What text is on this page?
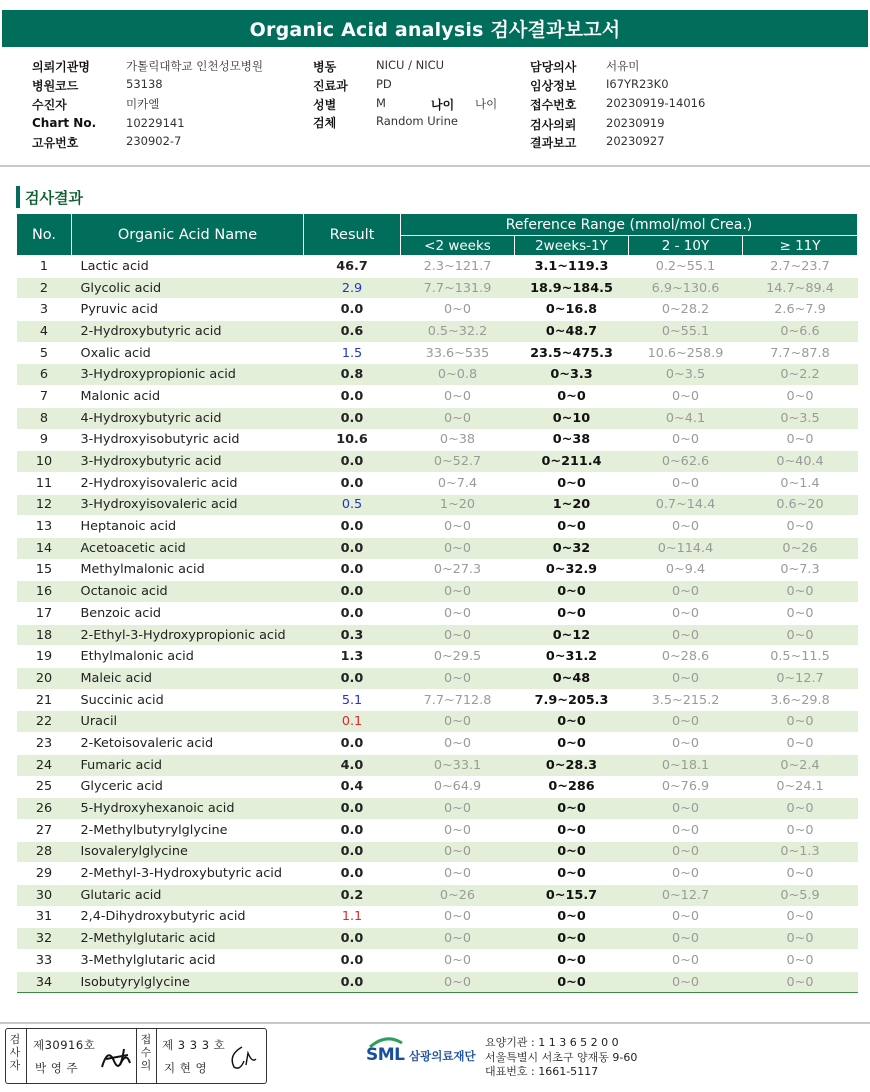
Organic Acid analysis 검사결과보고서
의뢰기관명	가톨릭대학교 인천성모병원
병원코드	53138
수진자	미카엘
Chart No.	10229141
고유번호	230902-7
병동	NICU / NICU
진료과 PD
성별	M	나이 나이
검체	Random Urine
담당의사	서유미
임상정보	I67YR23K0
접수번호	20230919-14016
검사의뢰	20230919
결과보고	20230927
검사결과
No.	Organic Acid Name	Result	Reference Range (mmol/mol Crea.)			
			<2 weeks	2weeks-1Y	2 - 10Y	≥ 11Y
1	Lactic acid	46.7	2.3~121.7	3.1~119.3	0.2~55.1	2.7~23.7
2	Glycolic acid	2.9	7.7~131.9	18.9~184.5	6.9~130.6	14.7~89.4
3	Pyruvic acid	0.0	0~0	0~16.8	0~28.2	2.6~7.9
4	2-Hydroxybutyric acid	0.6	0.5~32.2	0~48.7	0~55.1	0~6.6
5	Oxalic acid	1.5	33.6~535	23.5~475.3	10.6~258.9	7.7~87.8
6	3-Hydroxypropionic acid	0.8	0~0.8	0~3.3	0~3.5	0~2.2
7	Malonic acid	0.0	0~0	0~0	0~0	0~0
8	4-Hydroxybutyric acid	0.0	0~0	0~10	0~4.1	0~3.5
9	3-Hydroxyisobutyric acid	10.6	0~38	0~38	0~0	0~0
10	3-Hydroxybutyric acid	0.0	0~52.7	0~211.4	0~62.6	0~40.4
11	2-Hydroxyisovaleric acid	0.0	0~7.4	0~0	0~0	0~1.4
12	3-Hydroxyisovaleric acid	0.5	1~20	1~20	0.7~14.4	0.6~20
13	Heptanoic acid	0.0	0~0	0~0	0~0	0~0
14	Acetoacetic acid	0.0	0~0	0~32	0~114.4	0~26
15	Methylmalonic acid	0.0	0~27.3	0~32.9	0~9.4	0~7.3
16	Octanoic acid	0.0	0~0	0~0	0~0	0~0
17	Benzoic acid	0.0	0~0	0~0	0~0	0~0
18	2-Ethyl-3-Hydroxypropionic acid	0.3	0~0	0~12	0~0	0~0
19	Ethylmalonic acid	1.3	0~29.5	0~31.2	0~28.6	0.5~11.5
20	Maleic acid	0.0	0~0	0~48	0~0	0~12.7
21	Succinic acid	5.1	7.7~712.8	7.9~205.3	3.5~215.2	3.6~29.8
22	Uracil	0.1	0~0	0~0	0~0	0~0
23	2-Ketoisovaleric acid	0.0	0~0	0~0	0~0	0~0
24	Fumaric acid	4.0	0~33.1	0~28.3	0~18.1	0~2.4
25	Glyceric acid	0.4	0~64.9	0~286	0~76.9	0~24.1
26	5-Hydroxyhexanoic acid	0.0	0~0	0~0	0~0	0~0
27	2-Methylbutyrylglycine	0.0	0~0	0~0	0~0	0~0
28	Isovalerylglycine	0.0	0~0	0~0	0~0	0~1.3
29	2-Methyl-3-Hydroxybutyric acid	0.0	0~0	0~0	0~0	0~0
30	Glutaric acid	0.2	0~26	0~15.7	0~12.7	0~5.9
31	2,4-Dihydroxybutyric acid	1.1	0~0	0~0	0~0	0~0
32	2-Methylglutaric acid	0.0	0~0	0~0	0~0	0~0
33	3-Methylglutaric acid	0.0	0~0	0~0	0~0	0~0
34	Isobutyrylglycine	0.0	0~0	0~0	0~0	0~0
검사자
제30916호
박 영 주
접수의
제 3 3 3 호
지 현 영
SML 삼광의료재단
요양기관 : 1 1 3 6 5 2 0 0
서울특별시 서초구 양재동 9-60
대표번호 : 1661-5117
